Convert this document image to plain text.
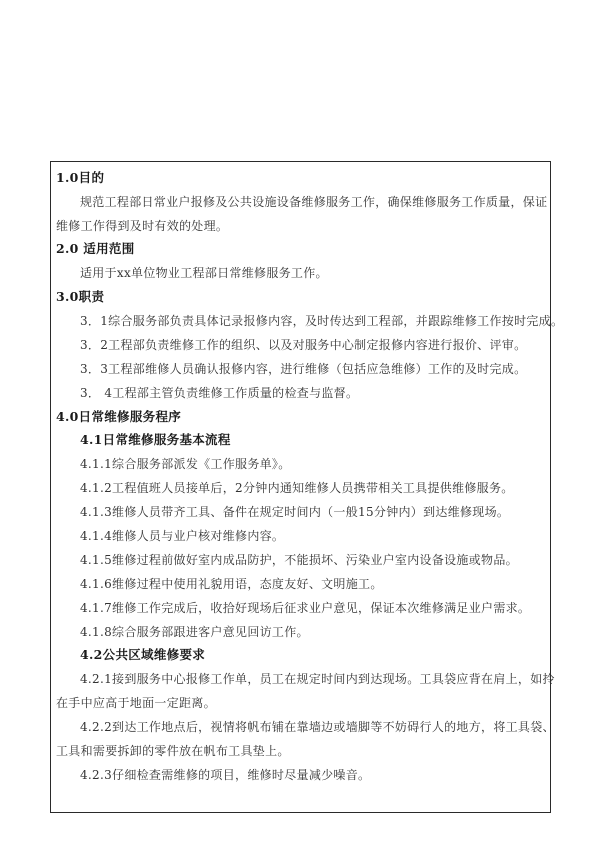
1.0目的
规范工程部日常业户报修及公共设施设备维修服务工作，确保维修服务工作质量，保证
维修工作得到及时有效的处理。
2.0 适用范围
适用于xx单位物业工程部日常维修服务工作。
3.0职责
3．1综合服务部负责具体记录报修内容，及时传达到工程部，并跟踪维修工作按时完成。
3．2工程部负责维修工作的组织、以及对服务中心制定报修内容进行报价、评审。
3．3工程部维修人员确认报修内容，进行维修（包括应急维修）工作的及时完成。
3． 4工程部主管负责维修工作质量的检查与监督。
4.0日常维修服务程序
4.1日常维修服务基本流程
4.1.1综合服务部派发《工作服务单》。
4.1.2工程值班人员接单后，2分钟内通知维修人员携带相关工具提供维修服务。
4.1.3维修人员带齐工具、备件在规定时间内（一般15分钟内）到达维修现场。
4.1.4维修人员与业户核对维修内容。
4.1.5维修过程前做好室内成品防护，不能损坏、污染业户室内设备设施或物品。
4.1.6维修过程中使用礼貌用语，态度友好、文明施工。
4.1.7维修工作完成后，收拾好现场后征求业户意见，保证本次维修满足业户需求。
4.1.8综合服务部跟进客户意见回访工作。
4.2公共区域维修要求
4.2.1接到服务中心报修工作单，员工在规定时间内到达现场。工具袋应背在肩上，如拎
在手中应高于地面一定距离。
4.2.2到达工作地点后，视情将帆布铺在靠墙边或墙脚等不妨碍行人的地方，将工具袋、
工具和需要拆卸的零件放在帆布工具垫上。
4.2.3仔细检查需维修的项目，维修时尽量减少噪音。
